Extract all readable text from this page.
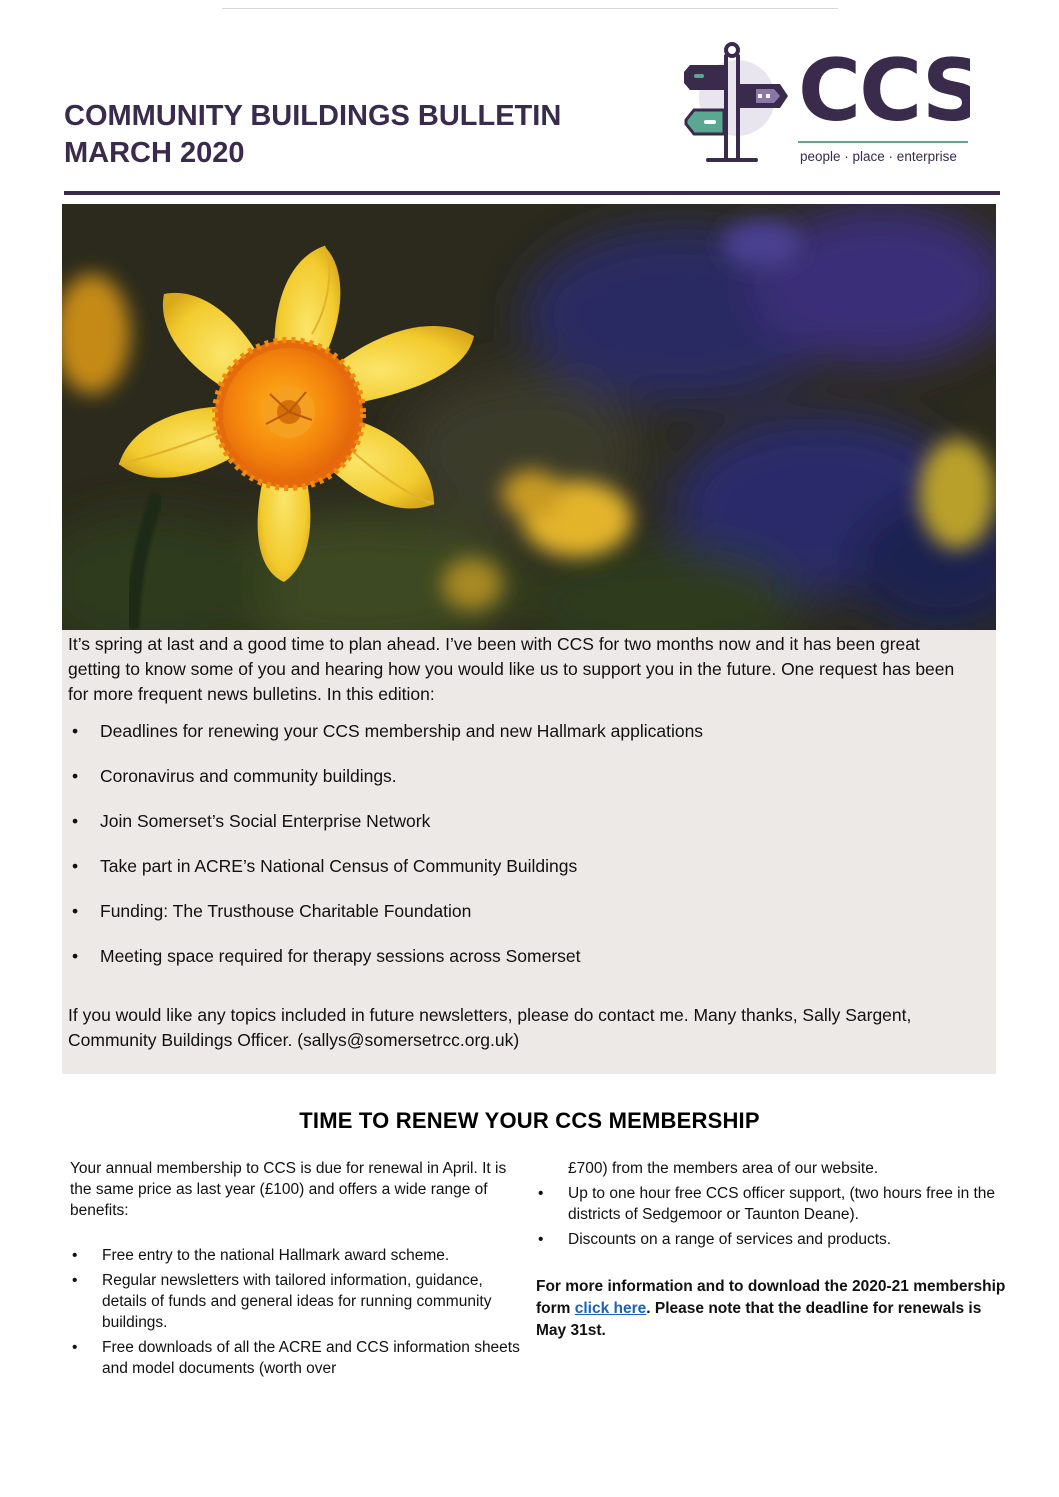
COMMUNITY BUILDINGS BULLETIN
MARCH 2020
CCS
people · place · enterprise

It’s spring at last and a good time to plan ahead. I’ve been with CCS for two months now and it has been great getting to know some of you and hearing how you would like us to support you in the future. One request has been for more frequent news bulletins. In this edition:

• Deadlines for renewing your CCS membership and new Hallmark applications
• Coronavirus and community buildings.
• Join Somerset’s Social Enterprise Network
• Take part in ACRE’s National Census of Community Buildings
• Funding: The Trusthouse Charitable Foundation
• Meeting space required for therapy sessions across Somerset

If you would like any topics included in future newsletters, please do contact me. Many thanks, Sally Sargent, Community Buildings Officer. (sallys@somersetrcc.org.uk)

TIME TO RENEW YOUR CCS MEMBERSHIP

Your annual membership to CCS is due for renewal in April. It is the same price as last year (£100) and offers a wide range of benefits:

• Free entry to the national Hallmark award scheme.
• Regular newsletters with tailored information, guidance, details of funds and general ideas for running community buildings.
• Free downloads of all the ACRE and CCS information sheets and model documents (worth over
£700) from the members area of our website.
• Up to one hour free CCS officer support, (two hours free in the districts of Sedgemoor or Taunton Deane).
• Discounts on a range of services and products.

For more information and to download the 2020-21 membership form click here. Please note that the deadline for renewals is May 31st.
